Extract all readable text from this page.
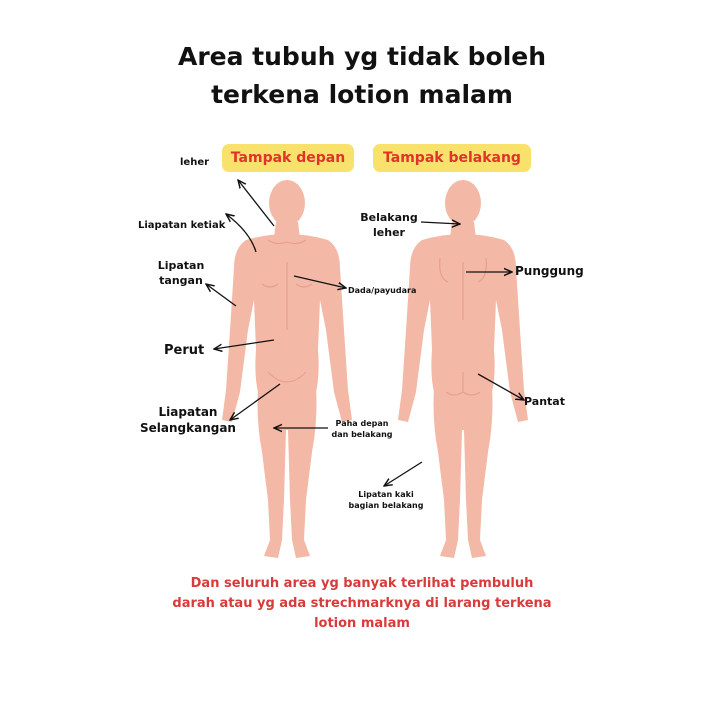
Area tubuh yg tidak boleh
terkena lotion malam
Tampak depan	Tampak belakang
leher
Liapatan ketiak
Lipatan
tangan
Perut
Liapatan
Selangkangan
Dada/payudara
Belakang
leher
Punggung
Pantat
Paha depan
dan belakang
Lipatan kaki
bagian belakang
Dan seluruh area yg banyak terlihat pembuluh
darah atau yg ada strechmarknya di larang terkena
lotion malam
